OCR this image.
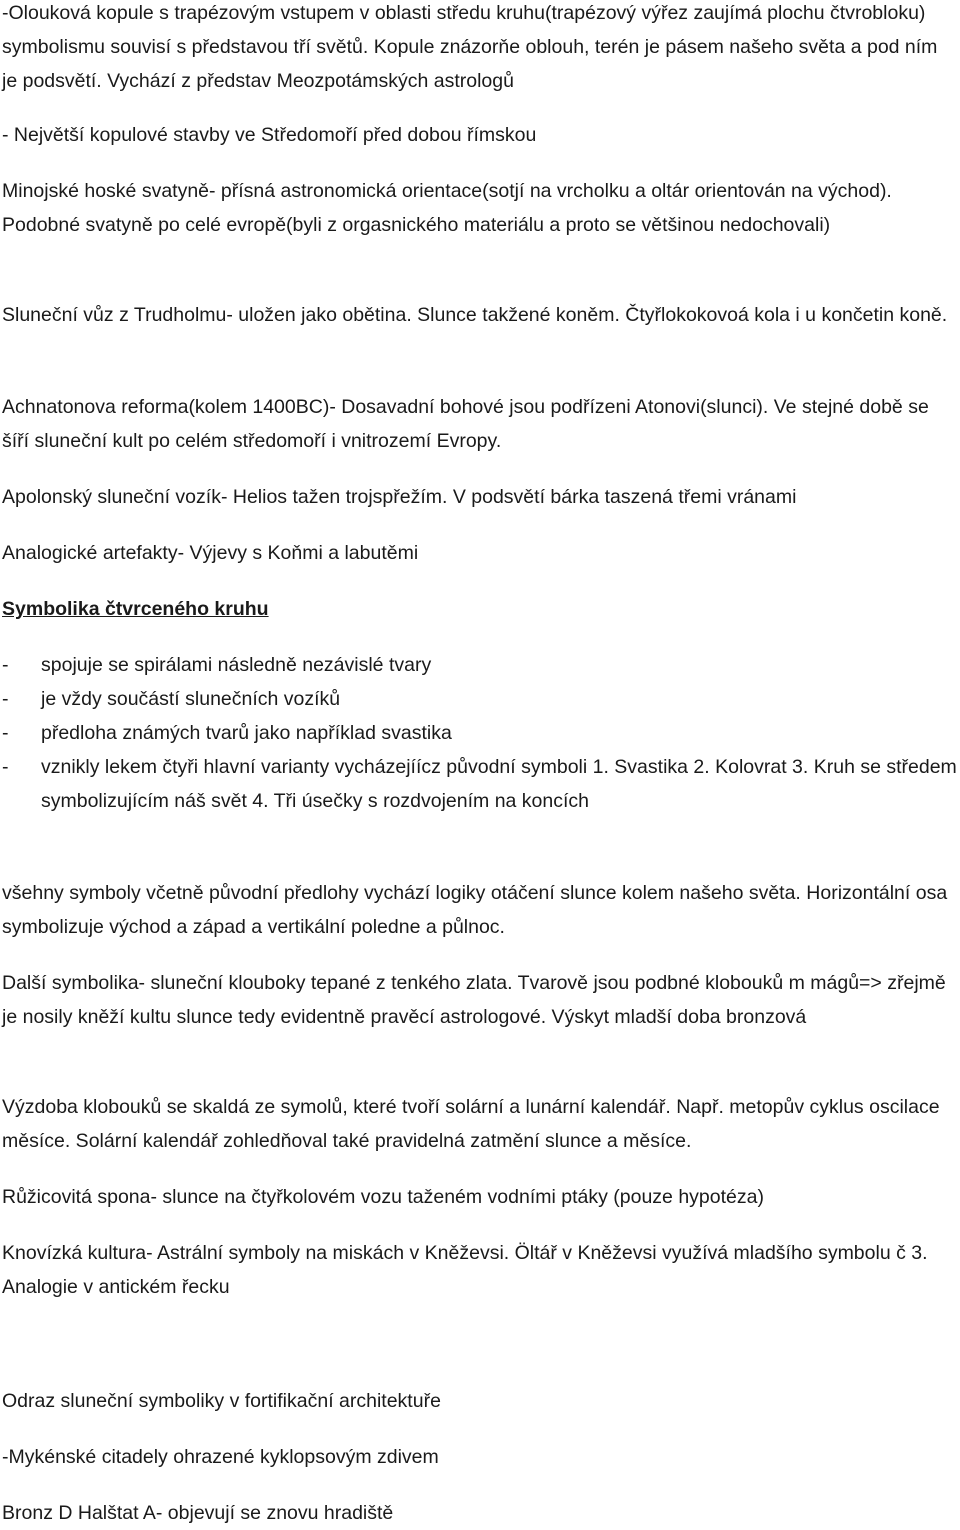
-Olouková kopule s trapézovým vstupem v oblasti středu kruhu(trapézový výřez zaujímá plochu čtvrobloku) symbolismu souvisí s představou tří světů. Kopule znázorňe oblouh, terén je pásem našeho světa a pod ním je podsvětí. Vychází z představ Meozpotámských astrologů

- Největší kopulové stavby ve Středomoří před dobou římskou

Minojské hoské svatyně- přísná astronomická orientace(sotjí na vrcholku a oltár orientován na východ). Podobné svatyně po celé evropě(byli z orgasnického materiálu a proto se většinou nedochovali)

Sluneční vůz z Trudholmu- uložen jako obětina. Slunce takžené koněm. Čtyřlokokovoá kola i u končetin koně.

Achnatonova reforma(kolem 1400BC)- Dosavadní bohové jsou podřízeni Atonovi(slunci). Ve stejné době se šíří sluneční kult po celém středomoří i vnitrozemí Evropy.

Apolonský sluneční vozík- Helios tažen trojspřežím. V podsvětí bárka taszená třemi vránami

Analogické artefakty- Výjevy s Koňmi a labutěmi

Symbolika čtvrceného kruhu

- spojuje se spirálami následně nezávislé tvary
- je vždy součástí slunečních vozíků
- předloha známých tvarů jako například svastika
- vznikly lekem čtyři hlavní varianty vycházejíícz původní symboli 1. Svastika 2. Kolovrat 3. Kruh se středem symbolizujícím náš svět 4. Tři úsečky s rozdvojením na koncích

všehny symboly včetně původní předlohy vychází logiky otáčení slunce kolem našeho světa. Horizontální osa symbolizuje východ a západ a vertikální poledne a půlnoc.

Další symbolika- sluneční klouboky tepané z tenkého zlata. Tvarově jsou podbné klobouků m mágů=> zřejmě je nosily kněží kultu slunce tedy evidentně pravěcí astrologové. Výskyt mladší doba bronzová

Výzdoba klobouků se skaldá ze symolů, které tvoří solární a lunární kalendář. Např. metopův cyklus oscilace měsíce. Solární kalendář zohledňoval také pravidelná zatmění slunce a měsíce.

Růžicovitá spona- slunce na čtyřkolovém vozu taženém vodními ptáky (pouze hypotéza)

Knovízká kultura- Astrální symboly na miskách v Kněževsi. Öltář v Kněževsi využívá mladšího symbolu č 3. Analogie v antickém řecku

Odraz sluneční symboliky v fortifikační architektuře

-Mykénské citadely ohrazené kyklopsovým zdivem

Bronz D Halštat A- objevují se znovu hradiště
